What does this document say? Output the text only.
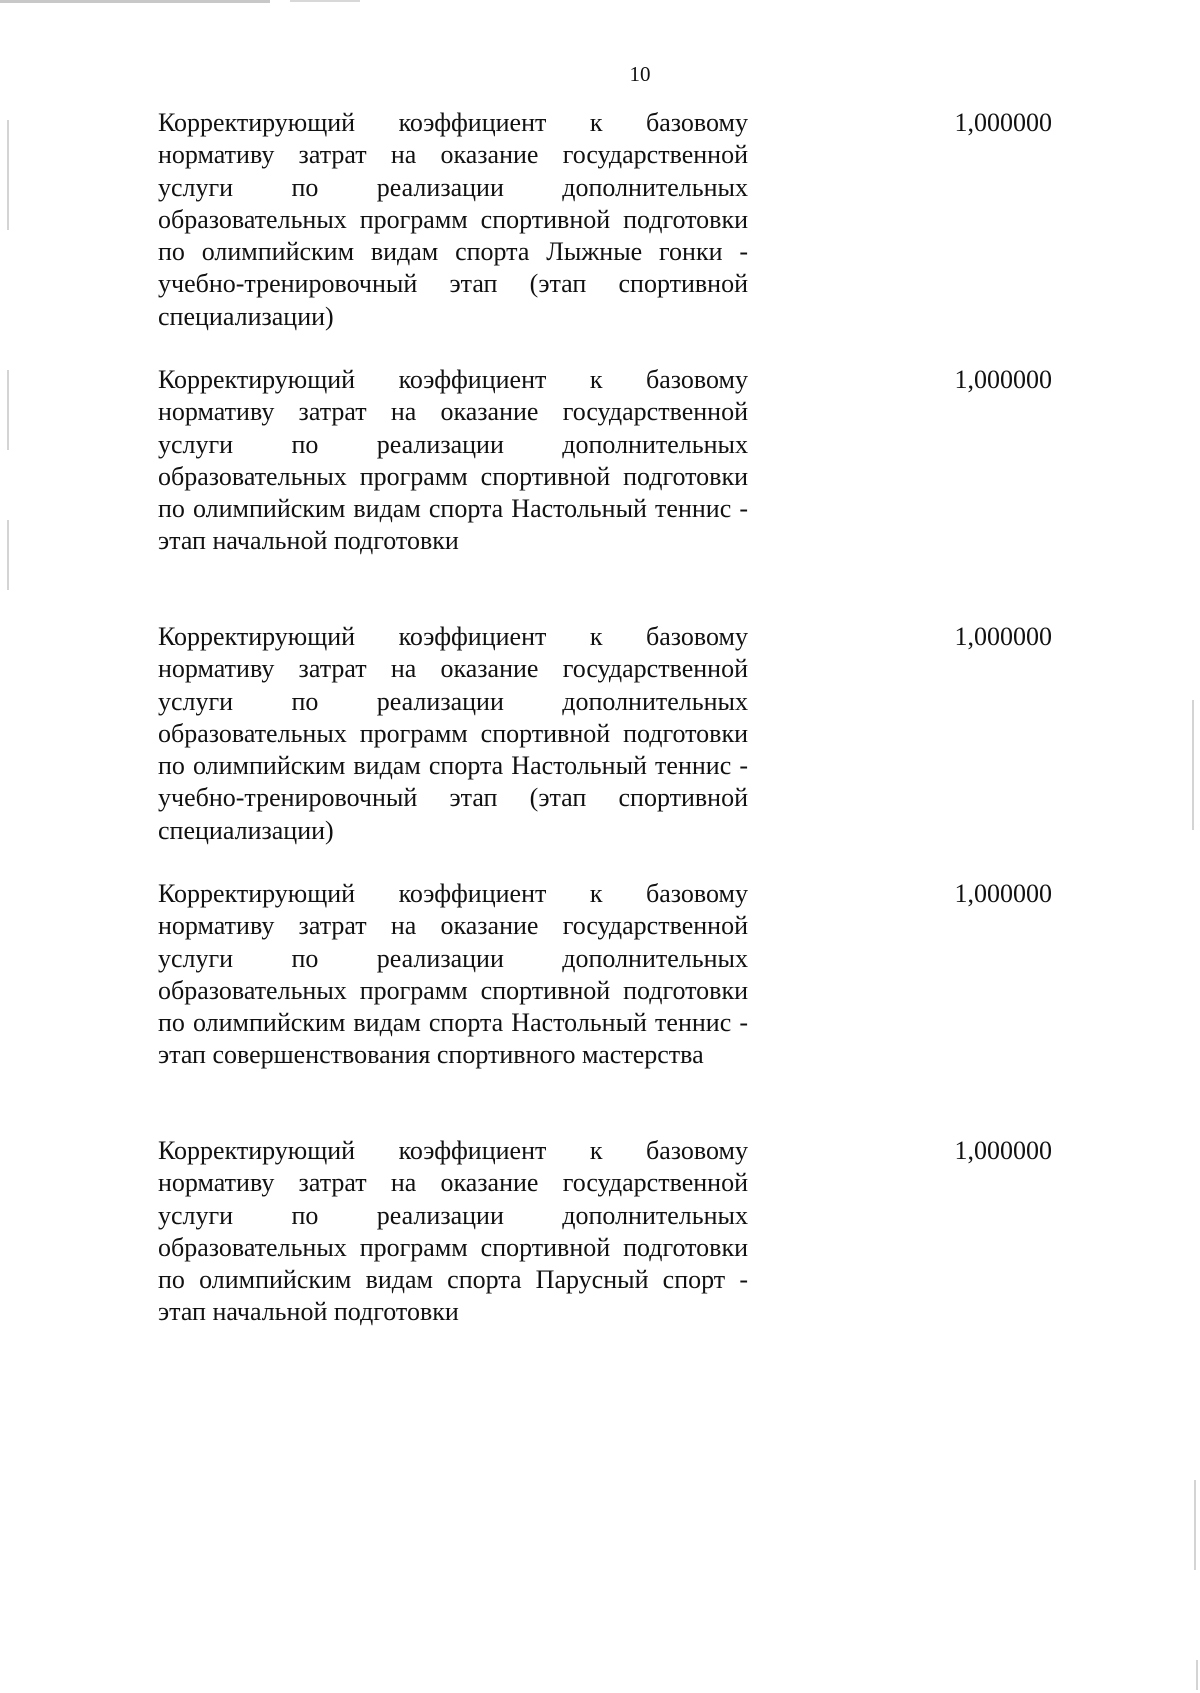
10
Корректирующий коэффициент к базовому нормативу затрат на оказание государственной услуги по реализации дополнительных образовательных программ спортивной подготовки по олимпийским видам спорта Лыжные гонки - учебно-тренировочный этап (этап спортивной специализации)
1,000000
Корректирующий коэффициент к базовому нормативу затрат на оказание государственной услуги по реализации дополнительных образовательных программ спортивной подготовки по олимпийским видам спорта Настольный теннис - этап начальной подготовки
1,000000
Корректирующий коэффициент к базовому нормативу затрат на оказание государственной услуги по реализации дополнительных образовательных программ спортивной подготовки по олимпийским видам спорта Настольный теннис - учебно-тренировочный этап (этап спортивной специализации)
1,000000
Корректирующий коэффициент к базовому нормативу затрат на оказание государственной услуги по реализации дополнительных образовательных программ спортивной подготовки по олимпийским видам спорта Настольный теннис - этап совершенствования спортивного мастерства
1,000000
Корректирующий коэффициент к базовому нормативу затрат на оказание государственной услуги по реализации дополнительных образовательных программ спортивной подготовки по олимпийским видам спорта Парусный спорт - этап начальной подготовки
1,000000
